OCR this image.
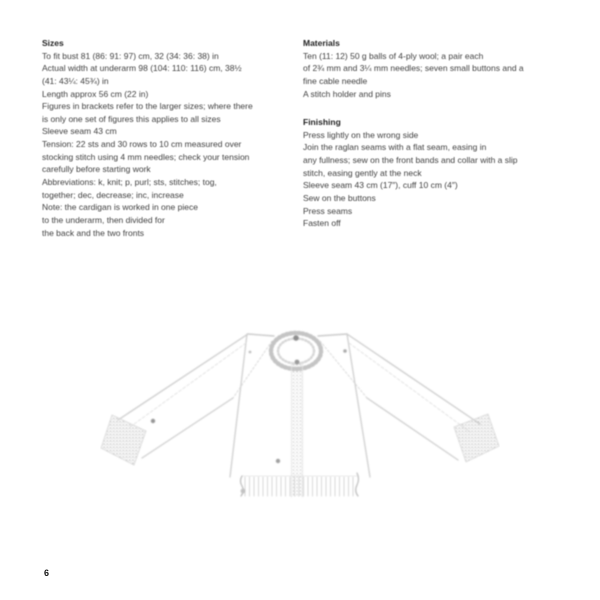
Sizes
To fit bust 81 (86: 91: 97) cm, 32 (34: 36: 38) in
Actual width at underarm 98 (104: 110: 116) cm, 38½
(41: 43¼: 45¾) in
Length approx 56 cm (22 in)
Figures in brackets refer to the larger sizes; where there
is only one set of figures this applies to all sizes
Sleeve seam 43 cm
Tension: 22 sts and 30 rows to 10 cm measured over
stocking stitch using 4 mm needles; check your tension
carefully before starting work
Abbreviations: k, knit; p, purl; sts, stitches; tog,
together; dec, decrease; inc, increase
Note: the cardigan is worked in one piece
to the underarm, then divided for
the back and the two fronts
Materials
Ten (11: 12) 50 g balls of 4-ply wool; a pair each
of 2¾ mm and 3¼ mm needles; seven small buttons and a
fine cable needle
A stitch holder and pins
Finishing
Press lightly on the wrong side
Join the raglan seams with a flat seam, easing in
any fullness; sew on the front bands and collar with a slip
stitch, easing gently at the neck
Sleeve seam 43 cm (17″), cuff 10 cm (4″)
Sew on the buttons
Press seams
Fasten off
6
